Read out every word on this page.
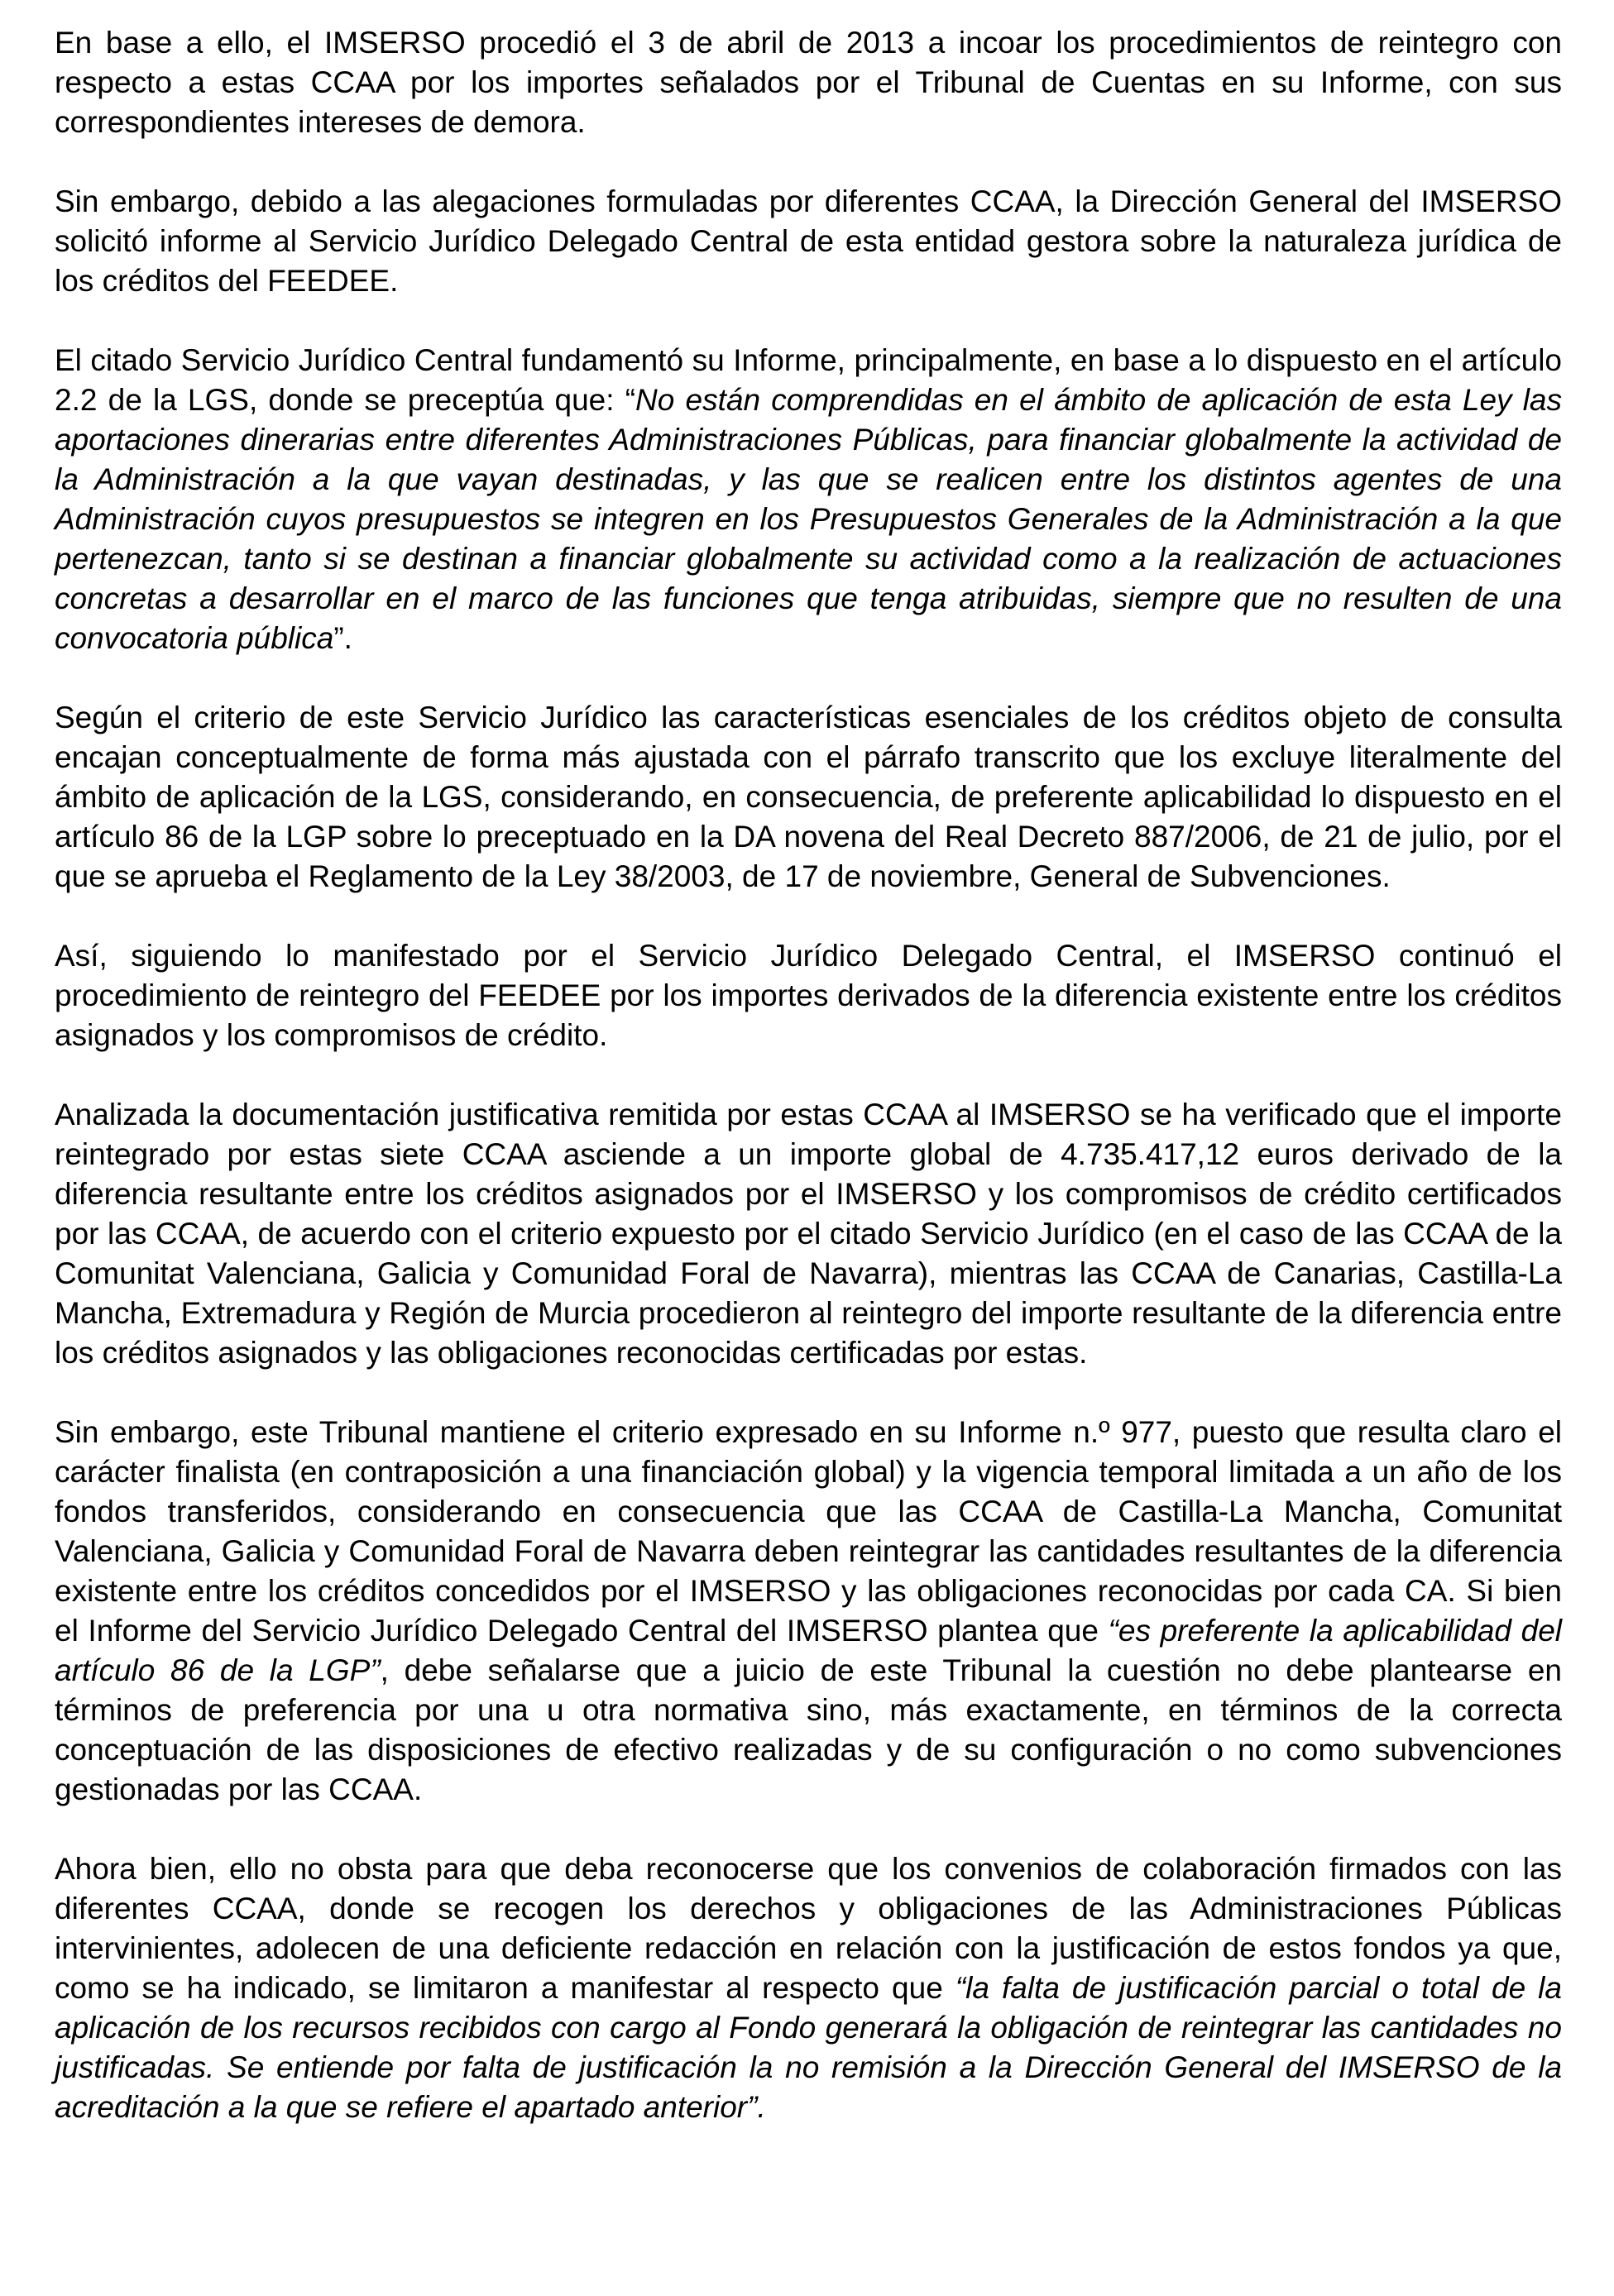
En base a ello, el IMSERSO procedió el 3 de abril de 2013 a incoar los procedimientos de reintegro con respecto a estas CCAA por los importes señalados por el Tribunal de Cuentas en su Informe, con sus correspondientes intereses de demora.

Sin embargo, debido a las alegaciones formuladas por diferentes CCAA, la Dirección General del IMSERSO solicitó informe al Servicio Jurídico Delegado Central de esta entidad gestora sobre la naturaleza jurídica de los créditos del FEEDEE.

El citado Servicio Jurídico Central fundamentó su Informe, principalmente, en base a lo dispuesto en el artículo 2.2 de la LGS, donde se preceptúa que: “No están comprendidas en el ámbito de aplicación de esta Ley las aportaciones dinerarias entre diferentes Administraciones Públicas, para financiar globalmente la actividad de la Administración a la que vayan destinadas, y las que se realicen entre los distintos agentes de una Administración cuyos presupuestos se integren en los Presupuestos Generales de la Administración a la que pertenezcan, tanto si se destinan a financiar globalmente su actividad como a la realización de actuaciones concretas a desarrollar en el marco de las funciones que tenga atribuidas, siempre que no resulten de una convocatoria pública”.

Según el criterio de este Servicio Jurídico las características esenciales de los créditos objeto de consulta encajan conceptualmente de forma más ajustada con el párrafo transcrito que los excluye literalmente del ámbito de aplicación de la LGS, considerando, en consecuencia, de preferente aplicabilidad lo dispuesto en el artículo 86 de la LGP sobre lo preceptuado en la DA novena del Real Decreto 887/2006, de 21 de julio, por el que se aprueba el Reglamento de la Ley 38/2003, de 17 de noviembre, General de Subvenciones.

Así, siguiendo lo manifestado por el Servicio Jurídico Delegado Central, el IMSERSO continuó el procedimiento de reintegro del FEEDEE por los importes derivados de la diferencia existente entre los créditos asignados y los compromisos de crédito.

Analizada la documentación justificativa remitida por estas CCAA al IMSERSO se ha verificado que el importe reintegrado por estas siete CCAA asciende a un importe global de 4.735.417,12 euros derivado de la diferencia resultante entre los créditos asignados por el IMSERSO y los compromisos de crédito certificados por las CCAA, de acuerdo con el criterio expuesto por el citado Servicio Jurídico (en el caso de las CCAA de la Comunitat Valenciana, Galicia y Comunidad Foral de Navarra), mientras las CCAA de Canarias, Castilla-La Mancha, Extremadura y Región de Murcia procedieron al reintegro del importe resultante de la diferencia entre los créditos asignados y las obligaciones reconocidas certificadas por estas.

Sin embargo, este Tribunal mantiene el criterio expresado en su Informe n.º 977, puesto que resulta claro el carácter finalista (en contraposición a una financiación global) y la vigencia temporal limitada a un año de los fondos transferidos, considerando en consecuencia que las CCAA de Castilla-La Mancha, Comunitat Valenciana, Galicia y Comunidad Foral de Navarra deben reintegrar las cantidades resultantes de la diferencia existente entre los créditos concedidos por el IMSERSO y las obligaciones reconocidas por cada CA. Si bien el Informe del Servicio Jurídico Delegado Central del IMSERSO plantea que “es preferente la aplicabilidad del artículo 86 de la LGP”, debe señalarse que a juicio de este Tribunal la cuestión no debe plantearse en términos de preferencia por una u otra normativa sino, más exactamente, en términos de la correcta conceptuación de las disposiciones de efectivo realizadas y de su configuración o no como subvenciones gestionadas por las CCAA.

Ahora bien, ello no obsta para que deba reconocerse que los convenios de colaboración firmados con las diferentes CCAA, donde se recogen los derechos y obligaciones de las Administraciones Públicas intervinientes, adolecen de una deficiente redacción en relación con la justificación de estos fondos ya que, como se ha indicado, se limitaron a manifestar al respecto que “la falta de justificación parcial o total de la aplicación de los recursos recibidos con cargo al Fondo generará la obligación de reintegrar las cantidades no justificadas. Se entiende por falta de justificación la no remisión a la Dirección General del IMSERSO de la acreditación a la que se refiere el apartado anterior”.
